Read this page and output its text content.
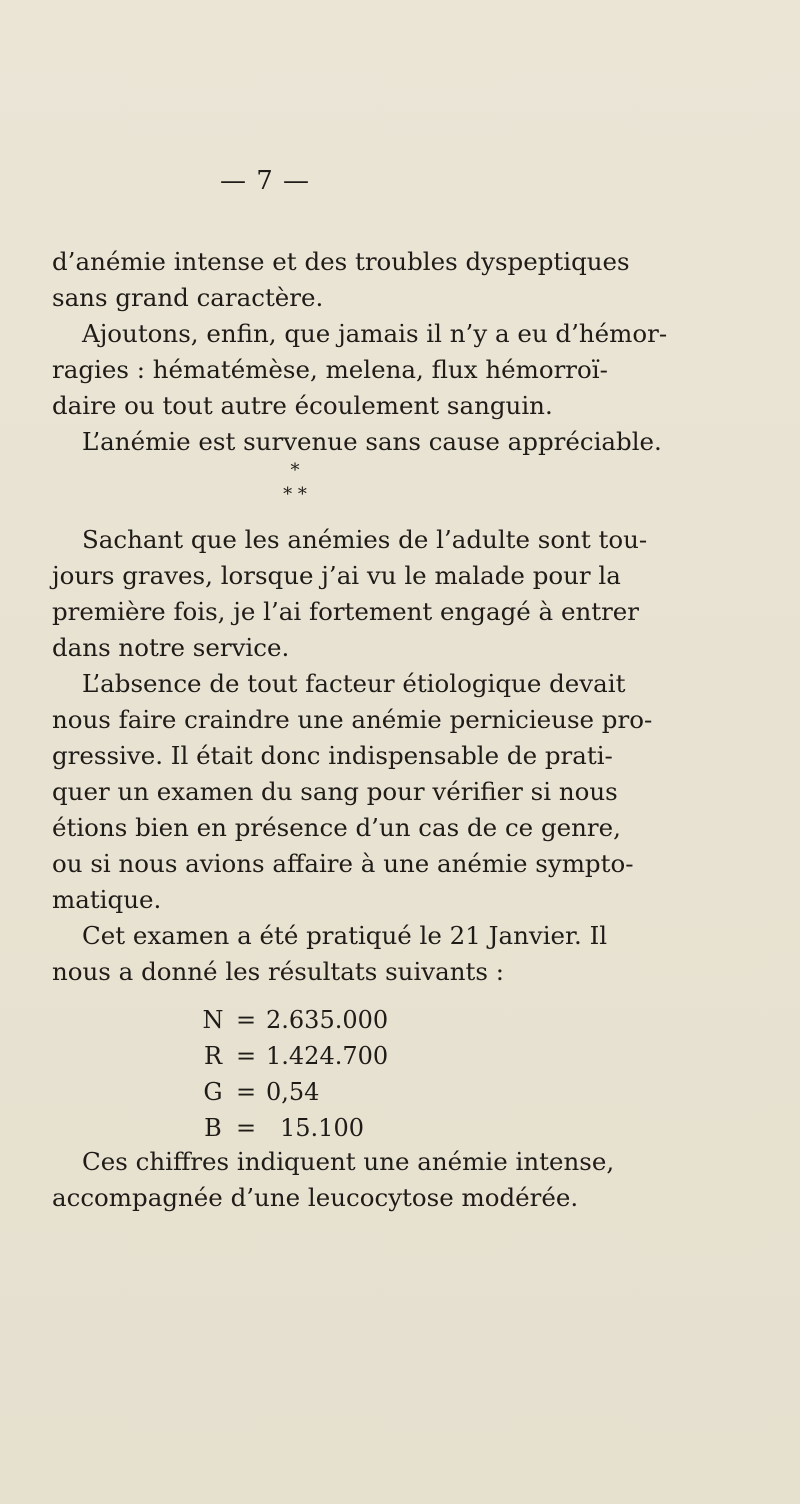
— 7 —
d’anémie intense et des troubles dyspeptiques
sans grand caractère.
Ajoutons, enfin, que jamais il n’y a eu d’hémor-
ragies : hématémèse, melena, flux hémorroï-
daire ou tout autre écoulement sanguin.
L’anémie est survenue sans cause appréciable.
*
* *
Sachant que les anémies de l’adulte sont tou-
jours graves, lorsque j’ai vu le malade pour la
première fois, je l’ai fortement engagé à entrer
dans notre service.
L’absence de tout facteur étiologique devait
nous faire craindre une anémie pernicieuse pro-
gressive. Il était donc indispensable de prati-
quer un examen du sang pour vérifier si nous
étions bien en présence d’un cas de ce genre,
ou si nous avions affaire à une anémie sympto-
matique.
Cet examen a été pratiqué le 21 Janvier. Il
nous a donné les résultats suivants :
N = 2.635.000
R = 1.424.700
G = 0,54
B = 15.100
Ces chiffres indiquent une anémie intense,
accompagnée d’une leucocytose modérée.
